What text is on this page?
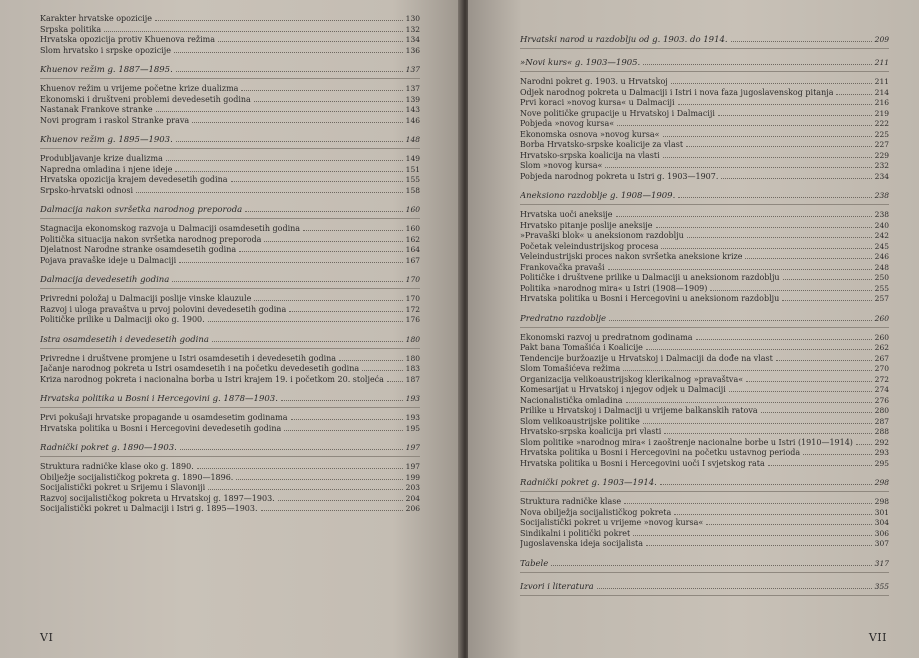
Karakter hrvatske opozicije	130
Srpska politika	132
Hrvatska opozicija protiv Khuenova režima	134
Slom hrvatsko i srpske opozicije	136
Khuenov režim g. 1887—1895.	137
Khuenov režim u vrijeme početne krize dualizma	137
Ekonomski i društveni problemi devedesetih godina	139
Nastanak Frankove stranke	143
Novi program i raskol Stranke prava	146
Khuenov režim g. 1895—1903.	148
Produbljavanje krize dualizma	149
Napredna omladina i njene ideje	151
Hrvatska opozicija krajem devedesetih godina	155
Srpsko-hrvatski odnosi	158
Dalmacija nakon svršetka narodnog preporoda	160
Stagnacija ekonomskog razvoja u Dalmaciji osamdesetih godina	160
Politička situacija nakon svršetka narodnog preporoda	162
Djelatnost Narodne stranke osamdesetih godina	164
Pojava pravaške ideje u Dalmaciji	167
Dalmacija devedesetih godina	170
Privredni položaj u Dalmaciji poslije vinske klauzule	170
Razvoj i uloga pravaštva u prvoj polovini devedesetih godina	172
Političke prilike u Dalmaciji oko g. 1900.	176
Istra osamdesetih i devedesetih godina	180
Privredne i društvene promjene u Istri osamdesetih i devedesetih godina	180
Jačanje narodnog pokreta u Istri osamdesetih i na početku devedesetih godina	183
Kriza narodnog pokreta i nacionalna borba u Istri krajem 19. i početkom 20. stoljeća	187
Hrvatska politika u Bosni i Hercegovini g. 1878—1903.	193
Prvi pokušaji hrvatske propagande u osamdesetim godinama	193
Hrvatska politika u Bosni i Hercegovini devedesetih godina	195
Radnički pokret g. 1890—1903.	197
Struktura radničke klase oko g. 1890.	197
Obilježje socijalističkog pokreta g. 1890—1896.	199
Socijalistički pokret u Srijemu i Slavoniji	203
Razvoj socijalističkog pokreta u Hrvatskoj g. 1897—1903.	204
Socijalistički pokret u Dalmaciji i Istri g. 1895—1903.	206
VI
Hrvatski narod u razdoblju od g. 1903. do 1914.	209
»Novi kurs« g. 1903—1905.	211
Narodni pokret g. 1903. u Hrvatskoj	211
Odjek narodnog pokreta u Dalmaciji i Istri i nova faza jugoslavenskog pitanja	214
Prvi koraci »novog kursa« u Dalmaciji	216
Nove političke grupacije u Hrvatskoj i Dalmaciji	219
Pobjeda »novog kursa«	222
Ekonomska osnova »novog kursa«	225
Borba Hrvatsko-srpske koalicije za vlast	227
Hrvatsko-srpska koalicija na vlasti	229
Slom »novog kursa«	232
Pobjeda narodnog pokreta u Istri g. 1903—1907.	234
Aneksiono razdoblje g. 1908—1909.	238
Hrvatska uoči aneksije	238
Hrvatsko pitanje poslije aneksije	240
»Pravaški blok« u aneksionom razdoblju	242
Početak veleindustrijskog procesa	245
Veleindustrijski proces nakon svršetka aneksione krize	246
Frankovačka pravaši	248
Političke i društvene prilike u Dalmaciji u aneksionom razdoblju	250
Politika »narodnog mira« u Istri (1908—1909)	255
Hrvatska politika u Bosni i Hercegovini u aneksionom razdoblju	257
Predratno razdoblje	260
Ekonomski razvoj u predratnom godinama	260
Pakt bana Tomašića i Koalicije	262
Tendencije buržoazije u Hrvatskoj i Dalmaciji da dođe na vlast	267
Slom Tomašićeva režima	270
Organizacija velikoaustrijskog klerikalnog »pravaštva«	272
Komesarijat u Hrvatskoj i njegov odjek u Dalmaciji	274
Nacionalistička omladina	276
Prilike u Hrvatskoj i Dalmaciji u vrijeme balkanskih ratova	280
Slom velikoaustrijske politike	287
Hrvatsko-srpska koalicija pri vlasti	288
Slom politike »narodnog mira« i zaoštrenje nacionalne borbe u Istri (1910—1914)	292
Hrvatska politika u Bosni i Hercegovini na početku ustavnog perioda	293
Hrvatska politika u Bosni i Hercegovini uoči I svjetskog rata	295
Radnički pokret g. 1903—1914.	298
Struktura radničke klase	298
Nova obilježja socijalističkog pokreta	301
Socijalistički pokret u vrijeme »novog kursa«	304
Sindikalni i politički pokret	306
Jugoslavenska ideja socijalista	307
Tabele	317
Izvori i literatura	355
VII
